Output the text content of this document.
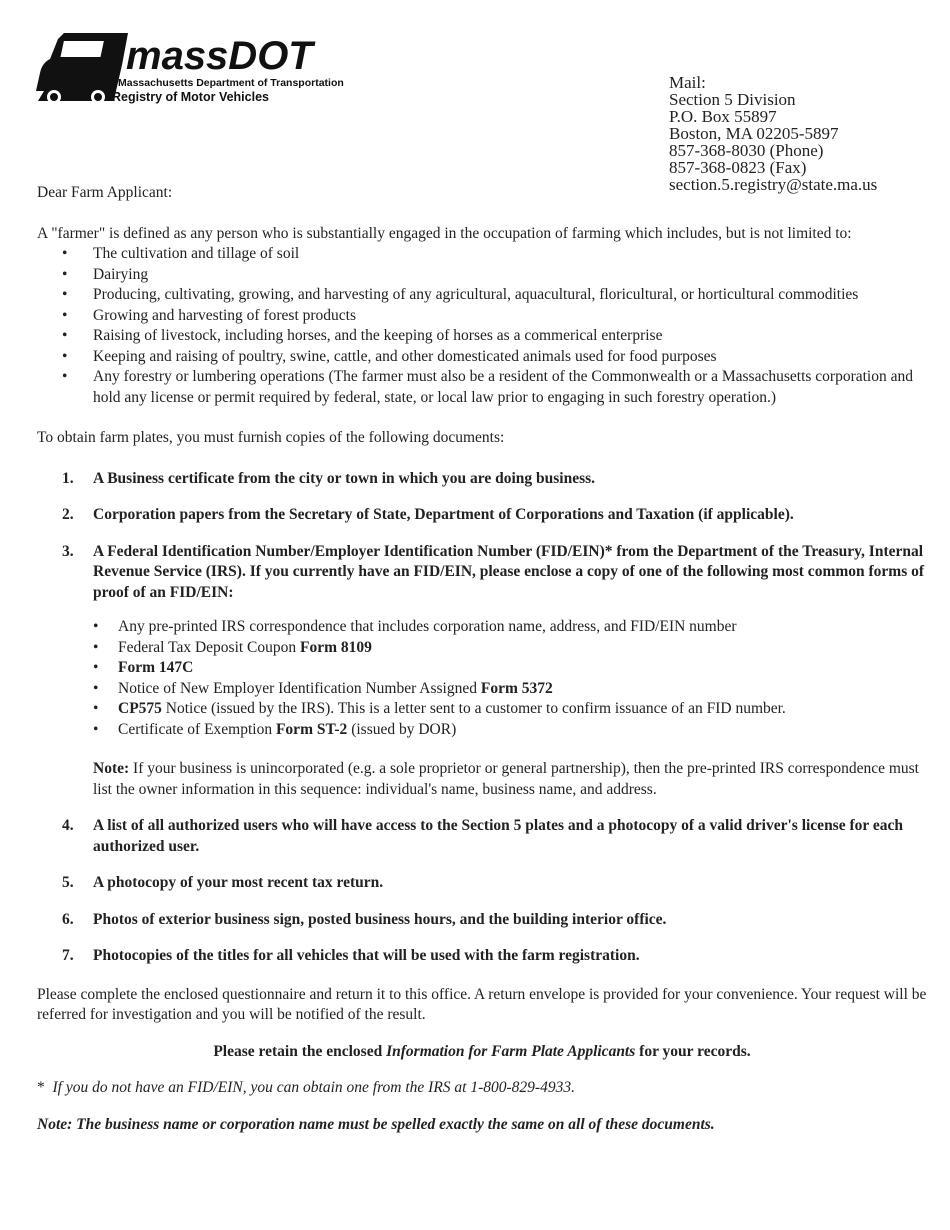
massDOT
Massachusetts Department of Transportation
Registry of Motor Vehicles
Mail:
Section 5 Division
P.O. Box 55897
Boston, MA 02205-5897
857-368-8030 (Phone)
857-368-0823 (Fax)
section.5.registry@state.ma.us

Dear Farm Applicant:

A "farmer" is defined as any person who is substantially engaged in the occupation of farming which includes, but is not limited to:

• The cultivation and tillage of soil
• Dairying
• Producing, cultivating, growing, and harvesting of any agricultural, aquacultural, floricultural, or horticultural commodities
• Growing and harvesting of forest products
• Raising of livestock, including horses, and the keeping of horses as a commerical enterprise
• Keeping and raising of poultry, swine, cattle, and other domesticated animals used for food purposes
• Any forestry or lumbering operations (The farmer must also be a resident of the Commonwealth or a Massachusetts corporation and hold any license or permit required by federal, state, or local law prior to engaging in such forestry operation.)

To obtain farm plates, you must furnish copies of the following documents:

1. A Business certificate from the city or town in which you are doing business.
2. Corporation papers from the Secretary of State, Department of Corporations and Taxation (if applicable).
3. A Federal Identification Number/Employer Identification Number (FID/EIN)* from the Department of the Treasury, Internal Revenue Service (IRS). If you currently have an FID/EIN, please enclose a copy of one of the following most common forms of proof of an FID/EIN:
• Any pre-printed IRS correspondence that includes corporation name, address, and FID/EIN number
• Federal Tax Deposit Coupon Form 8109
• Form 147C
• Notice of New Employer Identification Number Assigned Form 5372
• CP575 Notice (issued by the IRS). This is a letter sent to a customer to confirm issuance of an FID number.
• Certificate of Exemption Form ST-2 (issued by DOR)
Note: If your business is unincorporated (e.g. a sole proprietor or general partnership), then the pre-printed IRS correspondence must list the owner information in this sequence: individual's name, business name, and address.
4. A list of all authorized users who will have access to the Section 5 plates and a photocopy of a valid driver's license for each authorized user.
5. A photocopy of your most recent tax return.
6. Photos of exterior business sign, posted business hours, and the building interior office.
7. Photocopies of the titles for all vehicles that will be used with the farm registration.

Please complete the enclosed questionnaire and return it to this office. A return envelope is provided for your convenience. Your request will be referred for investigation and you will be notified of the result.

Please retain the enclosed Information for Farm Plate Applicants for your records.

* If you do not have an FID/EIN, you can obtain one from the IRS at 1-800-829-4933.

Note: The business name or corporation name must be spelled exactly the same on all of these documents.
